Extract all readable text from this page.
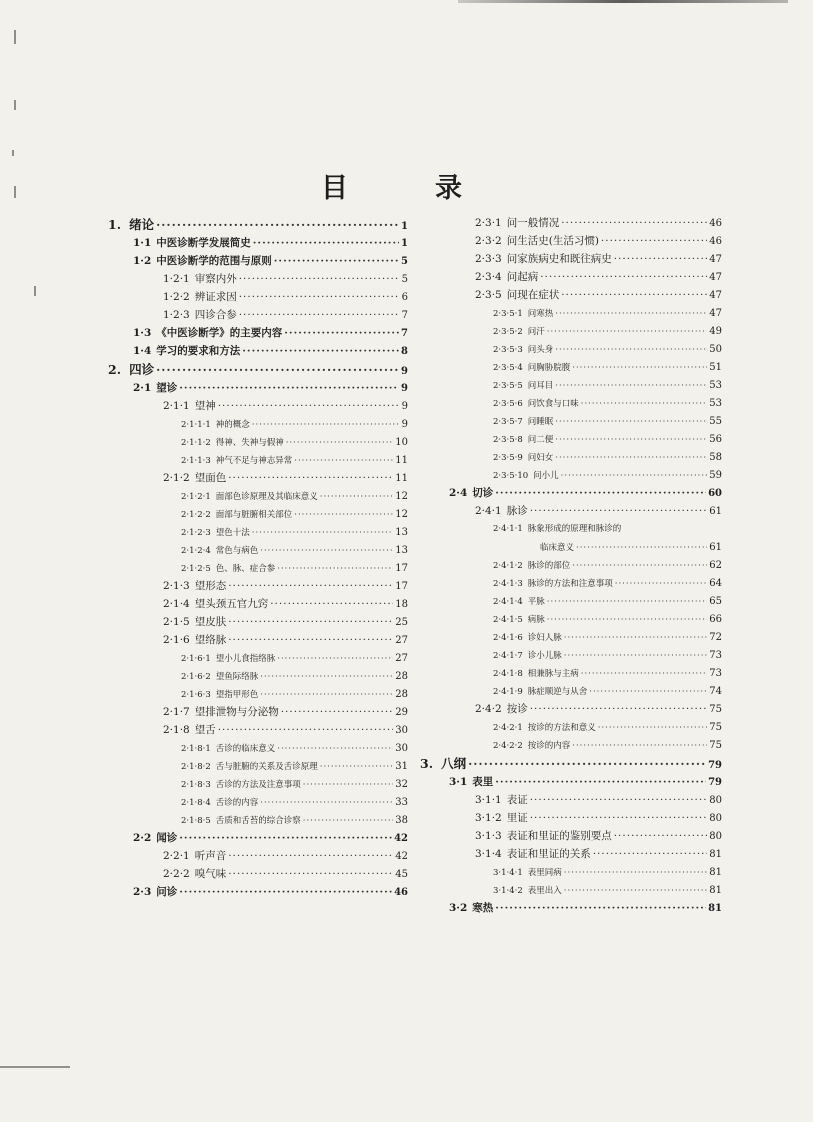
目　录
1. 绪论 ·····	1
1·1 中医诊断学发展简史 ·····	1
1·2 中医诊断学的范围与原则 ·····	5
1·2·1 审察内外 ·····	5
1·2·2 辨证求因 ·····	6
1·2·3 四诊合参 ·····	7
1·3 《中医诊断学》的主要内容 ·····	7
1·4 学习的要求和方法 ·····	8
2. 四诊 ·····	9
2·1 望诊 ·····	9
2·1·1 望神 ·····	9
2·1·1·1 神的概念 ·····	9
2·1·1·2 得神、失神与假神 ·····	10
2·1·1·3 神气不足与神志异常 ·····	11
2·1·2 望面色 ·····	11
2·1·2·1 面部色诊原理及其临床意义 ·····	12
2·1·2·2 面部与脏腑相关部位 ·····	12
2·1·2·3 望色十法 ·····	13
2·1·2·4 常色与病色 ·····	13
2·1·2·5 色、脉、症合参 ·····	17
2·1·3 望形态 ·····	17
2·1·4 望头颈五官九窍 ·····	18
2·1·5 望皮肤 ·····	25
2·1·6 望络脉 ·····	27
2·1·6·1 望小儿食指络脉 ·····	27
2·1·6·2 望鱼际络脉 ·····	28
2·1·6·3 望指甲形色 ·····	28
2·1·7 望排泄物与分泌物 ·····	29
2·1·8 望舌 ·····	30
2·1·8·1 舌诊的临床意义 ·····	30
2·1·8·2 舌与脏腑的关系及舌诊原理 ·····	31
2·1·8·3 舌诊的方法及注意事项 ·····	32
2·1·8·4 舌诊的内容 ·····	33
2·1·8·5 舌质和舌苔的综合诊察 ·····	38
2·2 闻诊 ·····	42
2·2·1 听声音 ·····	42
2·2·2 嗅气味 ·····	45
2·3 问诊 ·····	46
2·3·1 问一般情况 ·····	46
2·3·2 问生活史(生活习惯) ·····	46
2·3·3 问家族病史和既往病史 ·····	47
2·3·4 问起病 ·····	47
2·3·5 问现在症状 ·····	47
2·3·5·1 问寒热 ·····	47
2·3·5·2 问汗 ·····	49
2·3·5·3 问头身 ·····	50
2·3·5·4 问胸胁脘腹 ·····	51
2·3·5·5 问耳目 ·····	53
2·3·5·6 问饮食与口味 ·····	53
2·3·5·7 问睡眠 ·····	55
2·3·5·8 问二便 ·····	56
2·3·5·9 问妇女 ·····	58
2·3·5·10 问小儿 ·····	59
2·4 切诊 ·····	60
2·4·1 脉诊 ·····	61
2·4·1·1 脉象形成的原理和脉诊的
临床意义 ·····	61
2·4·1·2 脉诊的部位 ·····	62
2·4·1·3 脉诊的方法和注意事项 ·····	64
2·4·1·4 平脉 ·····	65
2·4·1·5 病脉 ·····	66
2·4·1·6 诊妇人脉 ·····	72
2·4·1·7 诊小儿脉 ·····	73
2·4·1·8 相兼脉与主病 ·····	73
2·4·1·9 脉症顺逆与从舍 ·····	74
2·4·2 按诊 ·····	75
2·4·2·1 按诊的方法和意义 ·····	75
2·4·2·2 按诊的内容 ·····	75
3. 八纲 ·····	79
3·1 表里 ·····	79
3·1·1 表证 ·····	80
3·1·2 里证 ·····	80
3·1·3 表证和里证的鉴别要点 ·····	80
3·1·4 表证和里证的关系 ·····	81
3·1·4·1 表里同病 ·····	81
3·1·4·2 表里出入 ·····	81
3·2 寒热 ·····	81
